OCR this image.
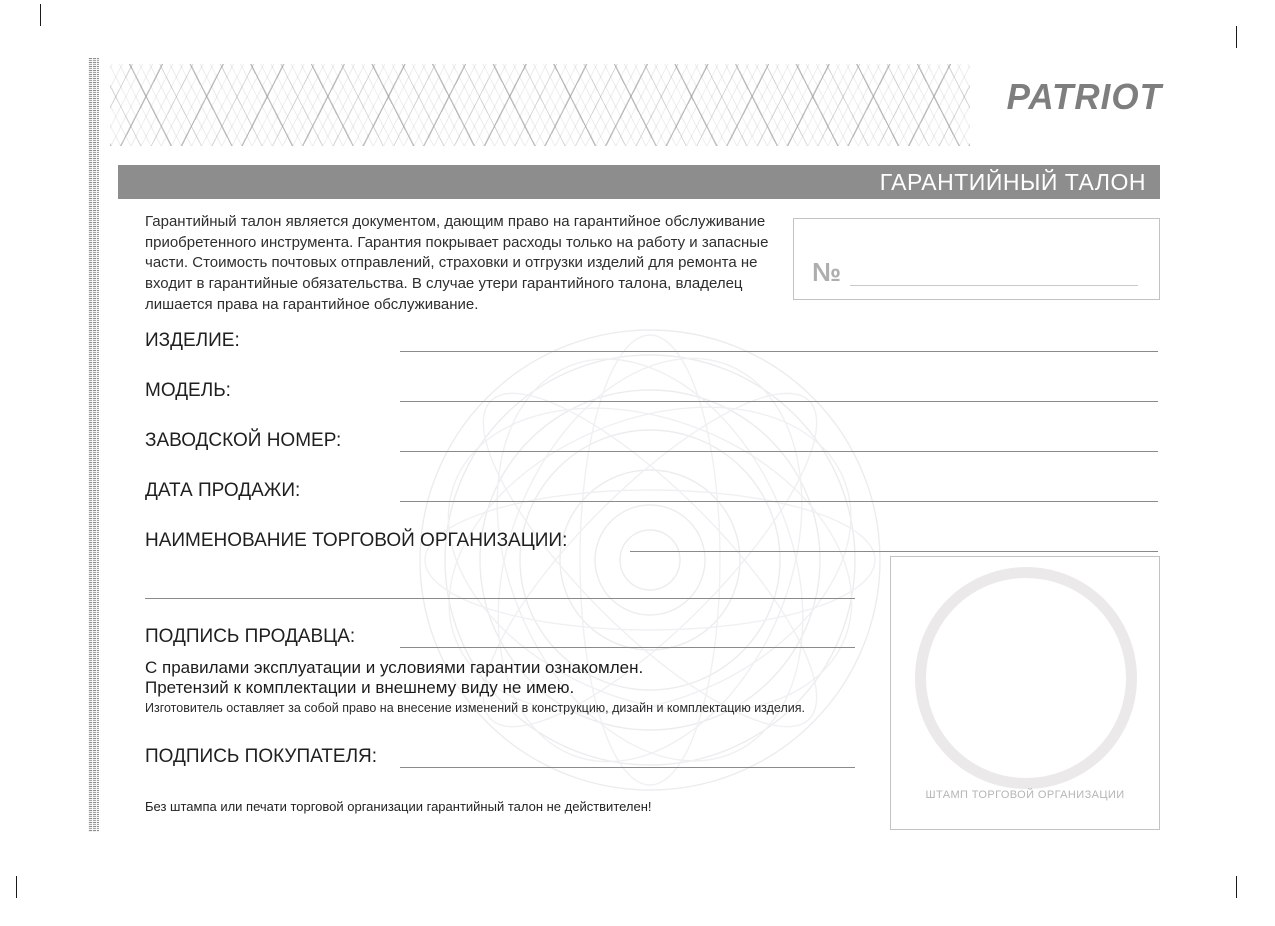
PATRIOT
ГАРАНТИЙНЫЙ ТАЛОН
Гарантийный талон является документом, дающим право на гарантийное обслуживание приобретенного инструмента. Гарантия покрывает расходы только на работу и запасные части. Стоимость почтовых отправлений, страховки и отгрузки изделий для ремонта не входит в гарантийные обязательства. В случае утери гарантийного талона, владелец лишается права на гарантийное обслуживание.
№
ИЗДЕЛИЕ:
МОДЕЛЬ:
ЗАВОДСКОЙ НОМЕР:
ДАТА ПРОДАЖИ:
НАИМЕНОВАНИЕ ТОРГОВОЙ ОРГАНИЗАЦИИ:
ПОДПИСЬ ПРОДАВЦА:
С правилами эксплуатации и условиями гарантии ознакомлен.
Претензий к комплектации и внешнему виду не имею.
Изготовитель оставляет за собой право на внесение изменений в конструкцию, дизайн и комплектацию изделия.
ПОДПИСЬ ПОКУПАТЕЛЯ:
Без штампа или печати торговой организации гарантийный талон не действителен!
ШТАМП ТОРГОВОЙ ОРГАНИЗАЦИИ
